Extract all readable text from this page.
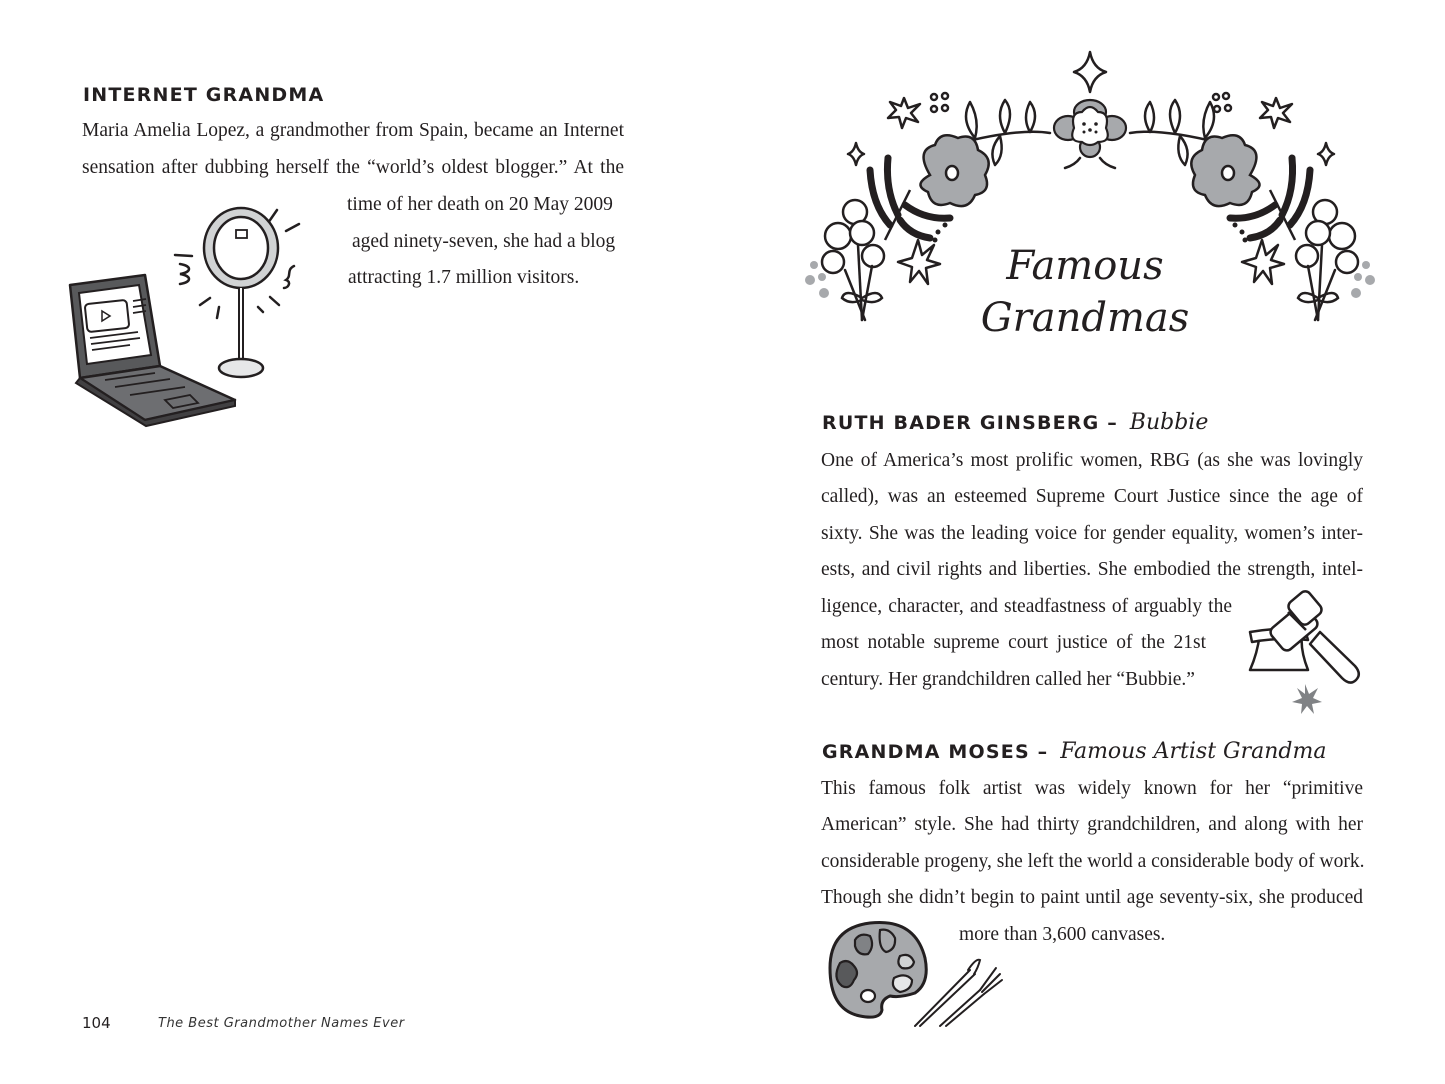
INTERNET GRANDMA
Maria Amelia Lopez, a grandmother from Spain, became an Internet
sensation after dubbing herself the “world’s oldest blogger.” At the
time of her death on 20 May 2009
aged ninety-seven, she had a blog
attracting 1.7 million visitors.
104	The Best Grandmother Names Ever
Famous
Grandmas
RUTH BADER GINSBERG – Bubbie
One of America’s most prolific women, RBG (as she was lovingly
called), was an esteemed Supreme Court Justice since the age of
sixty. She was the leading voice for gender equality, women’s inter-
ests, and civil rights and liberties. She embodied the strength, intel-
ligence, character, and steadfastness of arguably the
most notable supreme court justice of the 21st
century. Her grandchildren called her “Bubbie.”
GRANDMA MOSES – Famous Artist Grandma
This famous folk artist was widely known for her “primitive
American” style. She had thirty grandchildren, and along with her
considerable progeny, she left the world a considerable body of work.
Though she didn’t begin to paint until age seventy-six, she produced
more than 3,600 canvases.
